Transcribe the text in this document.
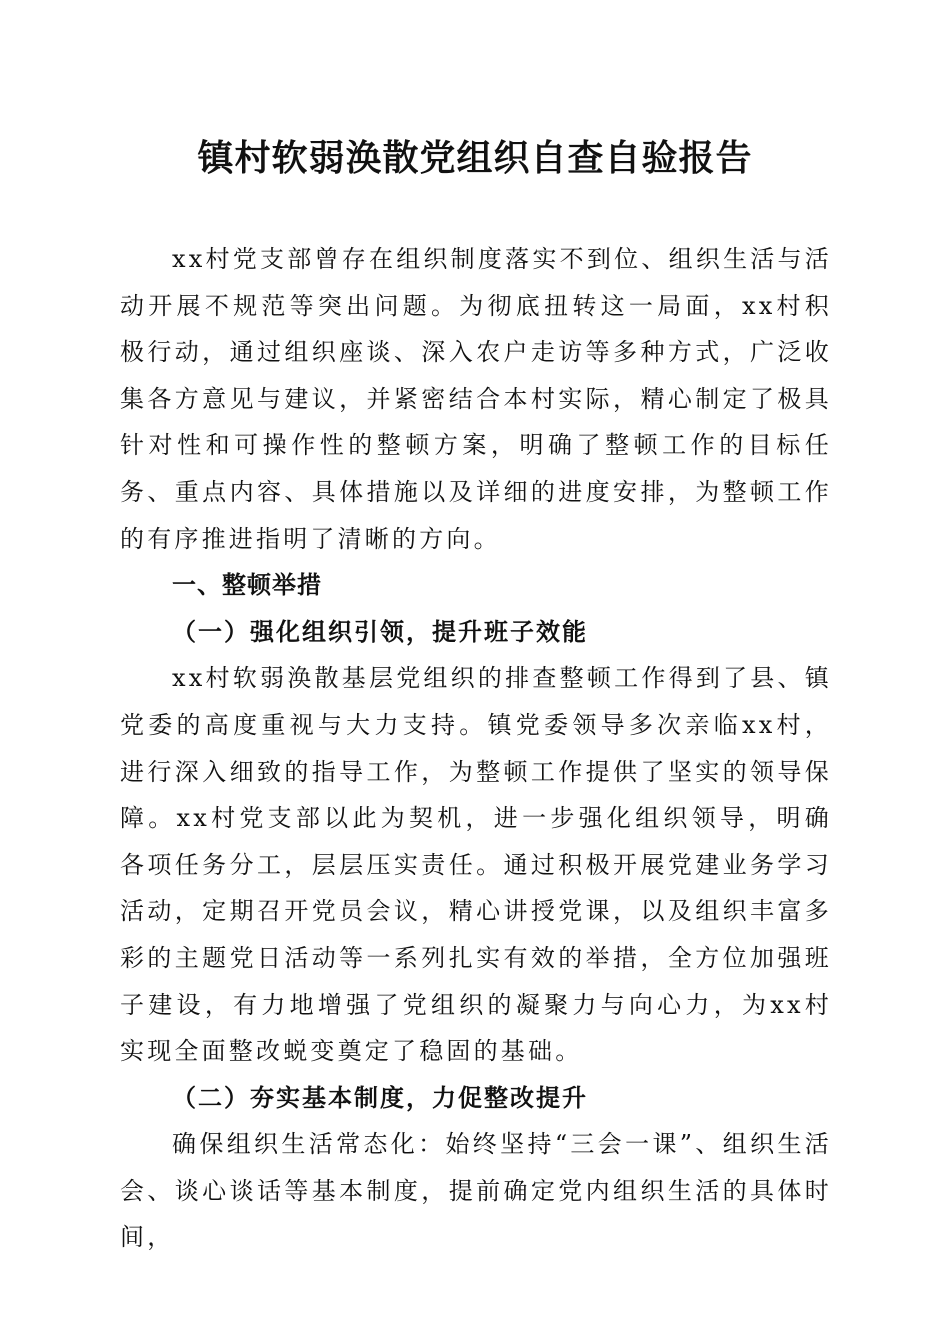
镇村软弱涣散党组织自查自验报告

xx村党支部曾存在组织制度落实不到位、组织生活与活动开展不规范等突出问题。为彻底扭转这一局面，xx村积极行动，通过组织座谈、深入农户走访等多种方式，广泛收集各方意见与建议，并紧密结合本村实际，精心制定了极具针对性和可操作性的整顿方案，明确了整顿工作的目标任务、重点内容、具体措施以及详细的进度安排，为整顿工作的有序推进指明了清晰的方向。

一、整顿举措

（一）强化组织引领，提升班子效能

xx村软弱涣散基层党组织的排查整顿工作得到了县、镇党委的高度重视与大力支持。镇党委领导多次亲临xx村，进行深入细致的指导工作，为整顿工作提供了坚实的领导保障。xx村党支部以此为契机，进一步强化组织领导，明确各项任务分工，层层压实责任。通过积极开展党建业务学习活动，定期召开党员会议，精心讲授党课，以及组织丰富多彩的主题党日活动等一系列扎实有效的举措，全方位加强班子建设，有力地增强了党组织的凝聚力与向心力，为xx村实现全面整改蜕变奠定了稳固的基础。

（二）夯实基本制度，力促整改提升

确保组织生活常态化：始终坚持“三会一课”、组织生活会、谈心谈话等基本制度，提前确定党内组织生活的具体时间，
